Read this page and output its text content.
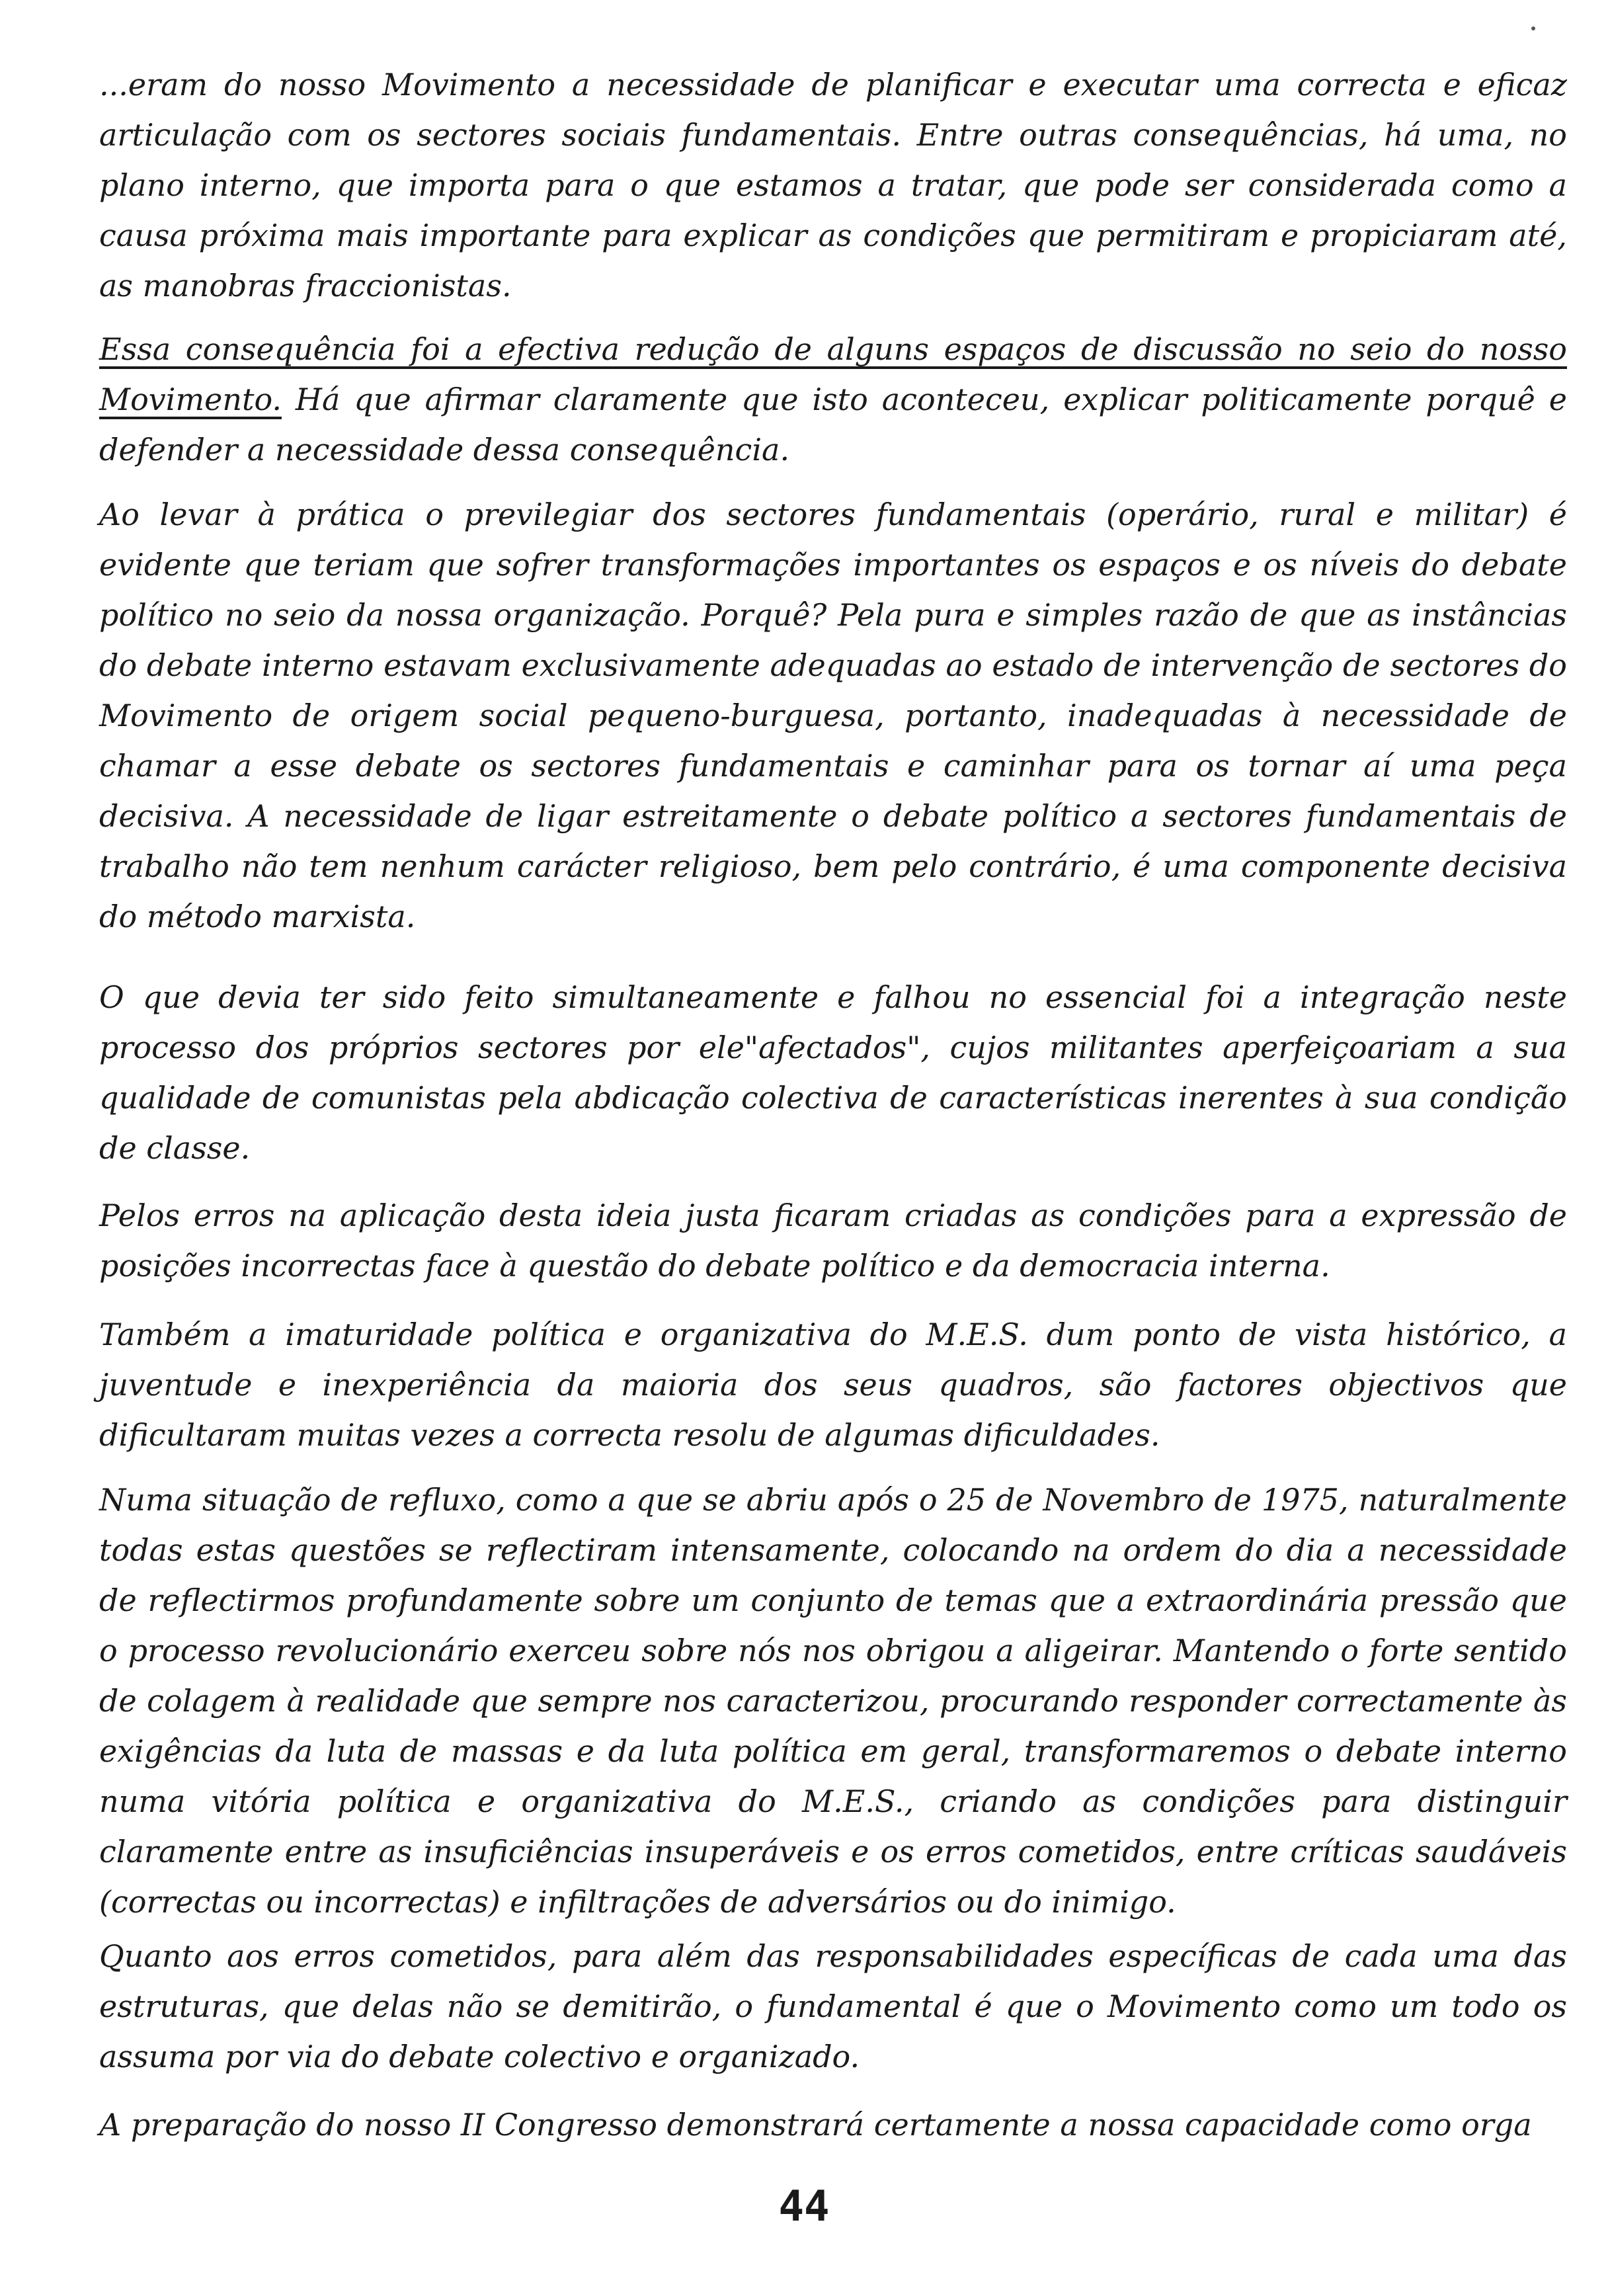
...eram do nosso Movimento a necessidade de planificar e executar uma correcta e eficaz articulação com os sectores sociais fundamentais. Entre outras consequências, há uma, no plano interno, que importa para o que estamos a tratar, que pode ser considerada como a causa próxima mais importante para explicar as condições que permitiram e propiciaram até, as manobras fraccionistas.

Essa consequência foi a efectiva redução de alguns espaços de discussão no seio do nosso Movimento. Há que afirmar claramente que isto aconteceu, explicar politicamente porquê e defender a necessidade dessa consequência.

Ao levar à prática o previlegiar dos sectores fundamentais (operário, rural e militar) é evidente que teriam que sofrer transformações importantes os espaços e os níveis do debate político no seio da nossa organização. Porquê? Pela pura e simples razão de que as instâncias do debate interno estavam exclusivamente adequadas ao estado de intervenção de sectores do Movimento de origem social pequeno-burguesa, portanto, inadequadas à necessidade de chamar a esse debate os sectores fundamentais e caminhar para os tornar aí uma peça decisiva. A necessidade de ligar estreitamente o debate político a sectores fundamentais de trabalho não tem nenhum carácter religioso, bem pelo contrário, é uma componente decisiva do método marxista.

O que devia ter sido feito simultaneamente e falhou no essencial foi a integração neste processo dos próprios sectores por ele"afectados", cujos militantes aperfeiçoariam a sua qualidade de comunistas pela abdicação colectiva de características inerentes à sua condição de classe.

Pelos erros na aplicação desta ideia justa ficaram criadas as condições para a expressão de posições incorrectas face à questão do debate político e da democracia interna.

Também a imaturidade política e organizativa do M.E.S. dum ponto de vista histórico, a juventude e inexperiência da maioria dos seus quadros, são factores objectivos que dificultaram muitas vezes a correcta resolu de algumas dificuldades.

Numa situação de refluxo, como a que se abriu após o 25 de Novembro de 1975, naturalmente todas estas questões se reflectiram intensamente, colocando na ordem do dia a necessidade de reflectirmos profundamente sobre um conjunto de temas que a extraordinária pressão que o processo revolucionário exerceu sobre nós nos obrigou a aligeirar. Mantendo o forte sentido de colagem à realidade que sempre nos caracterizou, procurando responder correctamente às exigências da luta de massas e da luta política em geral, transformaremos o debate interno numa vitória política e organizativa do M.E.S., criando as condições para distinguir claramente entre as insuficiências insuperáveis e os erros cometidos, entre críticas saudáveis (correctas ou incorrectas) e infiltrações de adversários ou do inimigo.

Quanto aos erros cometidos, para além das responsabilidades específicas de cada uma das estruturas, que delas não se demitirão, o fundamental é que o Movimento como um todo os assuma por via do debate colectivo e organizado.

A preparação do nosso II Congresso demonstrará certamente a nossa capacidade como orga

44
